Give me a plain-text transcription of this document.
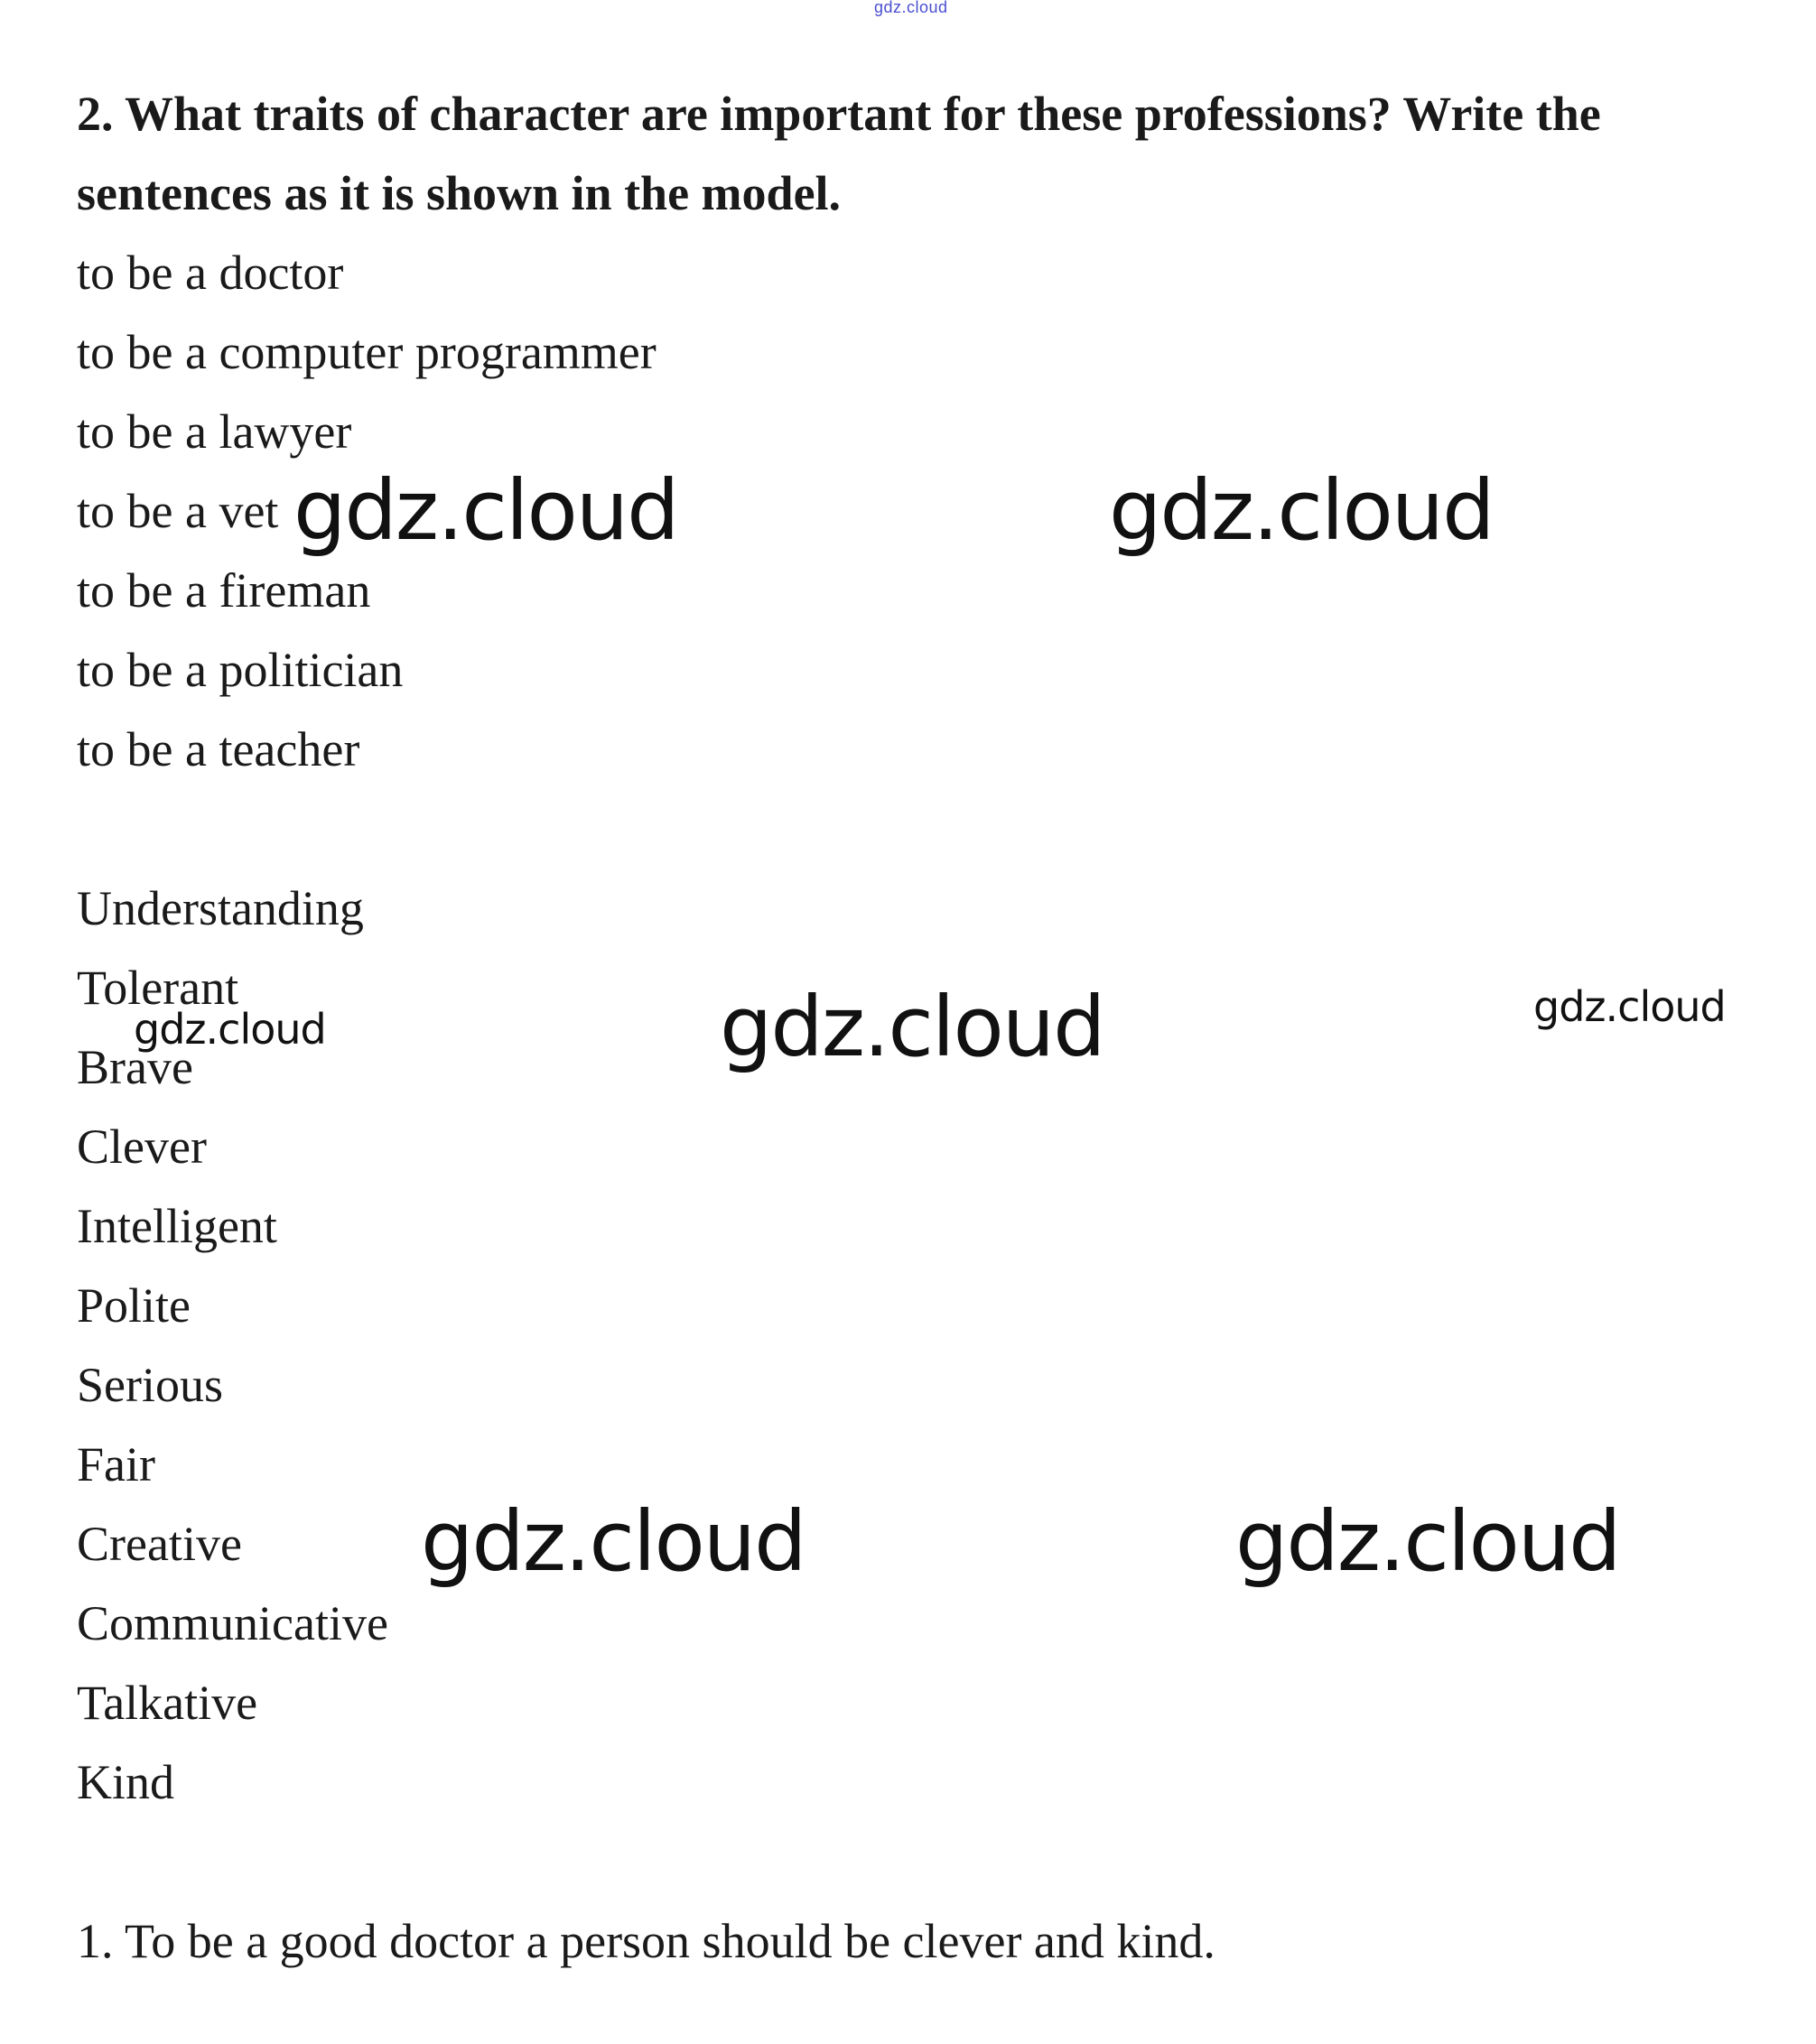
gdz.cloud

2. What traits of character are important for these professions? Write the sentences as it is shown in the model.

to be a doctor

to be a computer programmer

to be a lawyer

to be a vet

to be a fireman

to be a politician

to be a teacher

Understanding

Tolerant

Brave

Clever

Intelligent

Polite

Serious

Fair

Creative

Communicative

Talkative

Kind

1. To be a good doctor a person should be clever and kind.

gdz.cloud	gdz.cloud
gdz.cloud	gdz.cloud
gdz.cloud
gdz.cloud	gdz.cloud
